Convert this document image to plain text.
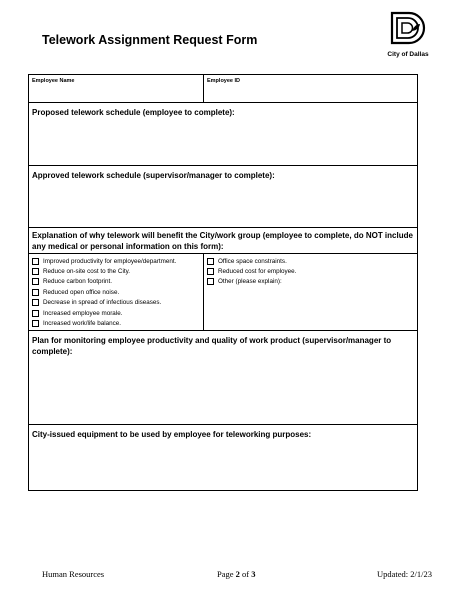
Telework Assignment Request Form
City of Dallas
Employee Name	Employee ID
Proposed telework schedule (employee to complete):
Approved telework schedule (supervisor/manager to complete):
Explanation of why telework will benefit the City/work group (employee to complete, do NOT include any medical or personal information on this form):
Improved productivity for employee/department.
Reduce on-site cost to the City.
Reduce carbon footprint.
Reduced open office noise.
Decrease in spread of infectious diseases.
Increased employee morale.
Increased work/life balance.
Office space constraints.
Reduced cost for employee.
Other (please explain):
Plan for monitoring employee productivity and quality of work product (supervisor/manager to complete):
City-issued equipment to be used by employee for teleworking purposes:
Human Resources	Page 2 of 3	Updated: 2/1/23
